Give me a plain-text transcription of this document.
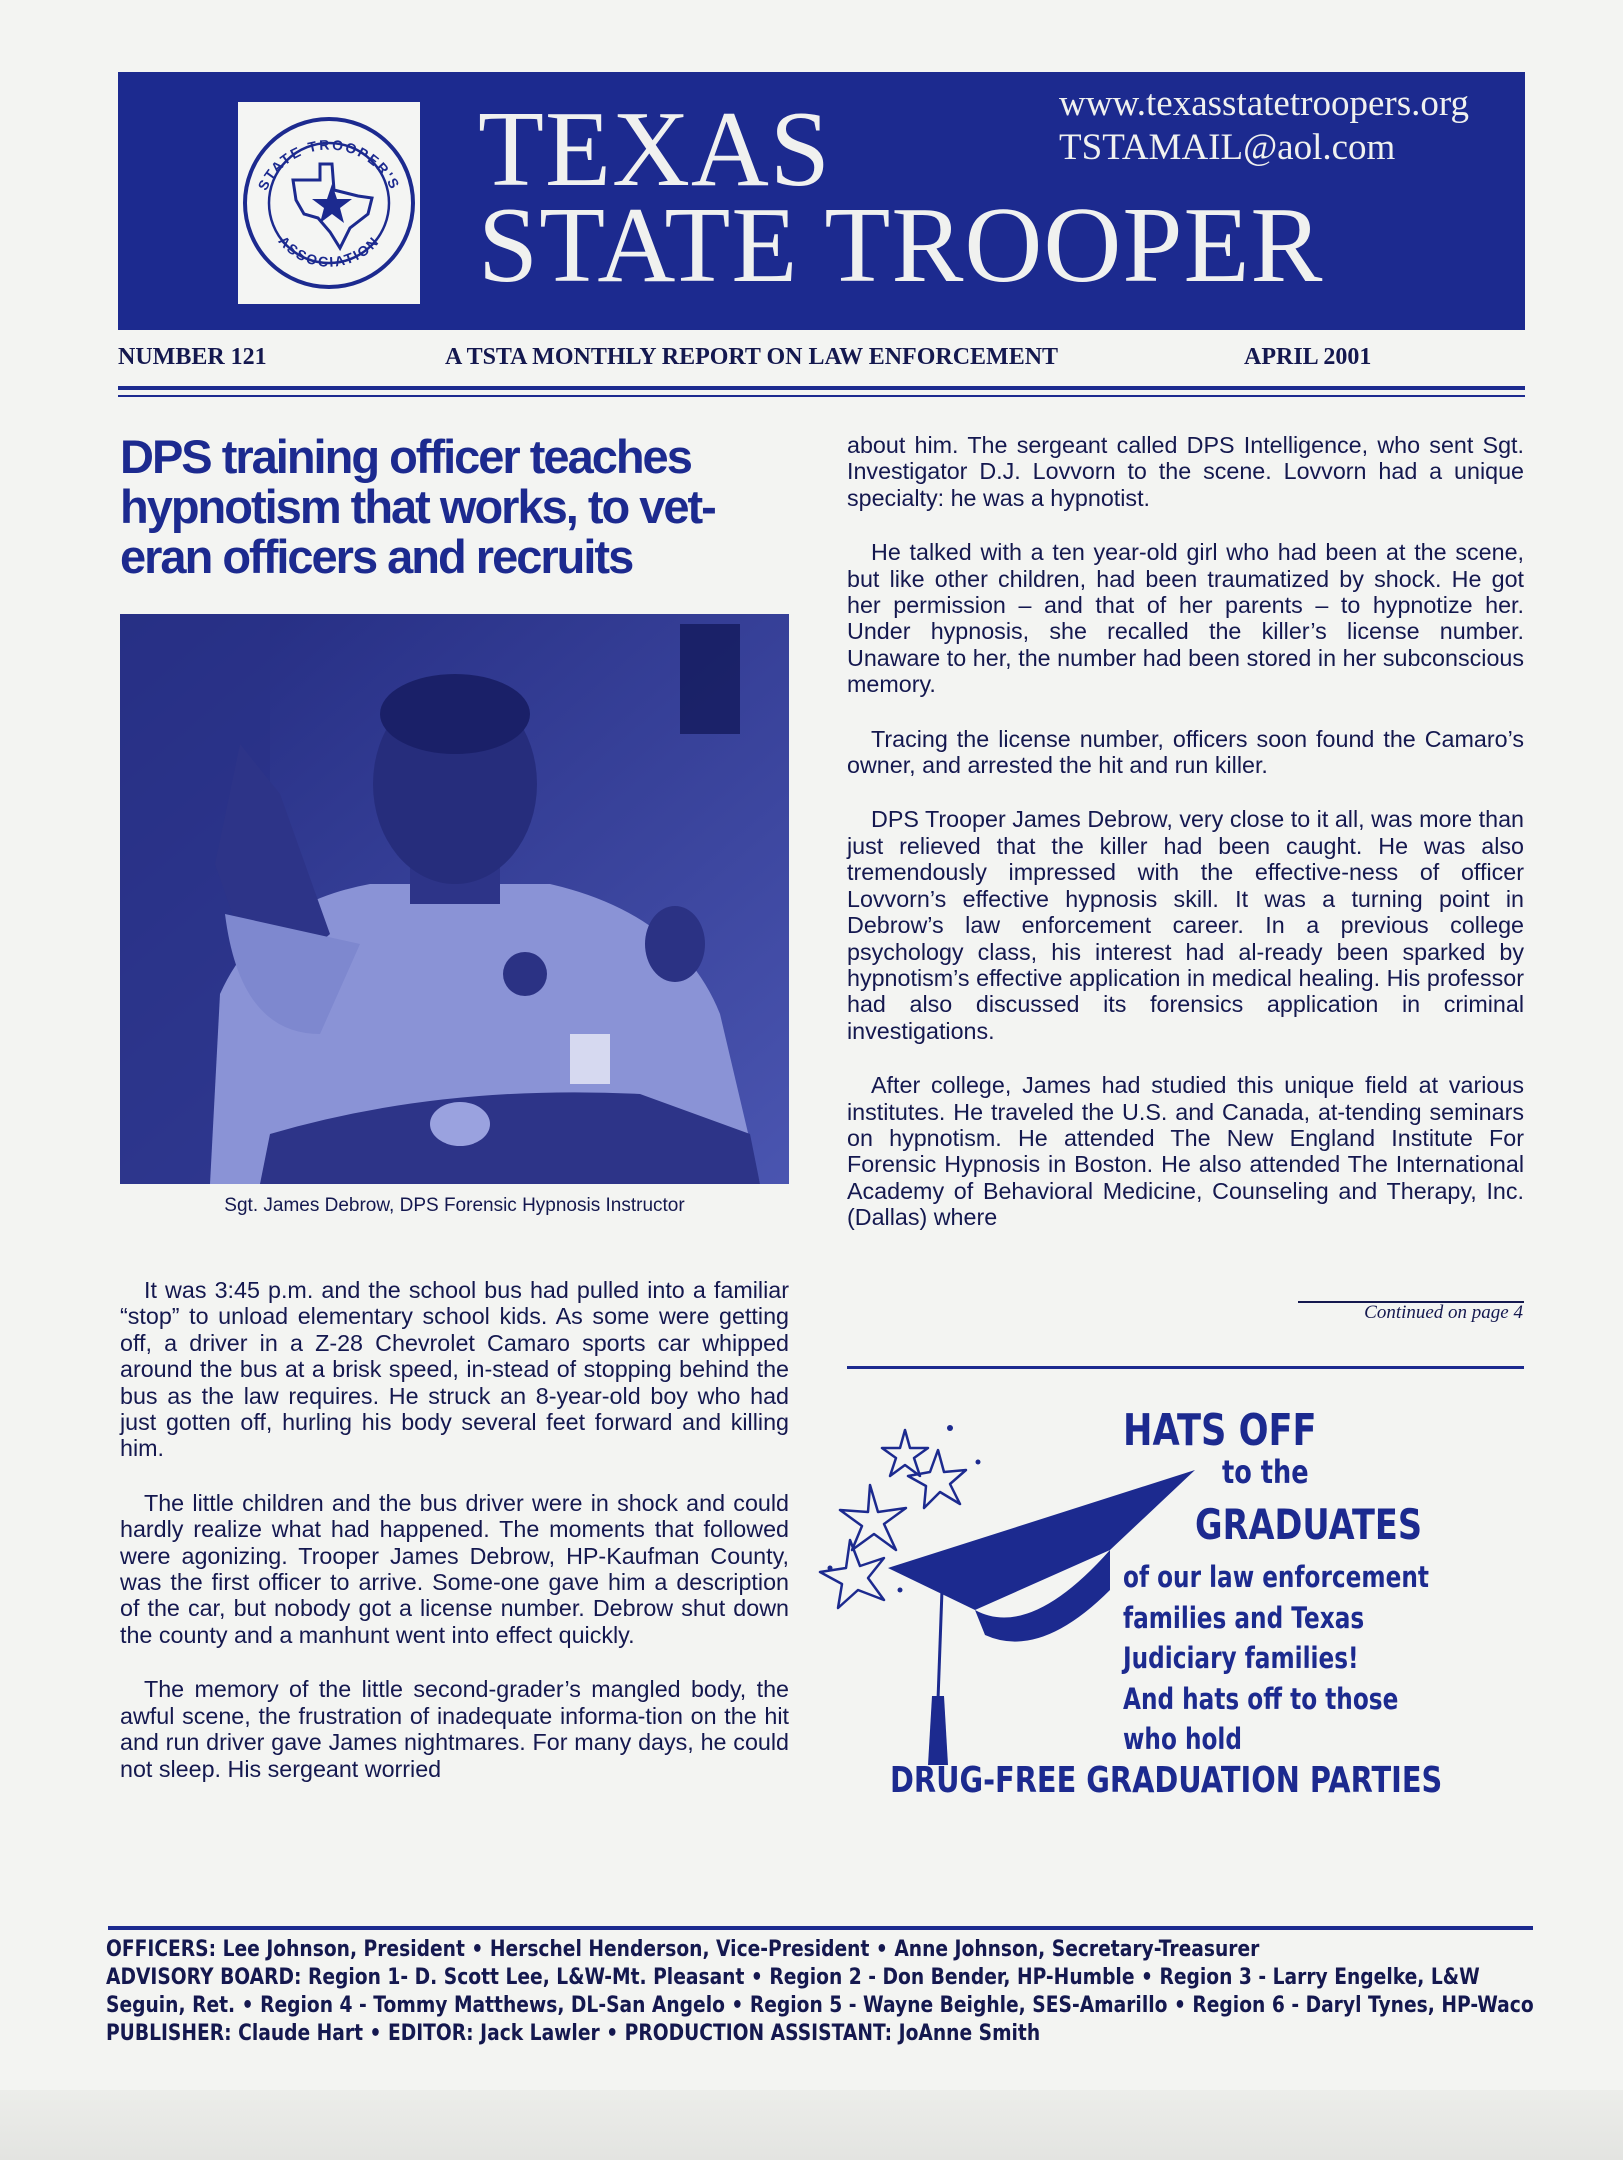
STATE TROOPER'S
ASSOCIATION
TEXAS
STATE TROOPER
www.texasstatetroopers.org
TSTAMAIL@aol.com
NUMBER 121	A TSTA MONTHLY REPORT ON LAW ENFORCEMENT	APRIL 2001
DPS training officer teaches hypnotism that works, to vet-eran officers and recruits
Sgt. James Debrow, DPS Forensic Hypnosis Instructor

It was 3:45 p.m. and the school bus had pulled into a familiar “stop” to unload elementary school kids. As some were getting off, a driver in a Z-28 Chevrolet Camaro sports car whipped around the bus at a brisk speed, in-stead of stopping behind the bus as the law requires. He struck an 8-year-old boy who had just gotten off, hurling his body several feet forward and killing him.

The little children and the bus driver were in shock and could hardly realize what had happened. The moments that followed were agonizing. Trooper James Debrow, HP-Kaufman County, was the first officer to arrive. Some-one gave him a description of the car, but nobody got a license number. Debrow shut down the county and a manhunt went into effect quickly.

The memory of the little second-grader’s mangled body, the awful scene, the frustration of inadequate informa-tion on the hit and run driver gave James nightmares. For many days, he could not sleep. His sergeant worried

about him. The sergeant called DPS Intelligence, who sent Sgt. Investigator D.J. Lovvorn to the scene. Lovvorn had a unique specialty: he was a hypnotist.

He talked with a ten year-old girl who had been at the scene, but like other children, had been traumatized by shock. He got her permission – and that of her parents – to hypnotize her. Under hypnosis, she recalled the killer’s license number. Unaware to her, the number had been stored in her subconscious memory.

Tracing the license number, officers soon found the Camaro’s owner, and arrested the hit and run killer.

DPS Trooper James Debrow, very close to it all, was more than just relieved that the killer had been caught. He was also tremendously impressed with the effective-ness of officer Lovvorn’s effective hypnosis skill. It was a turning point in Debrow’s law enforcement career. In a previous college psychology class, his interest had al-ready been sparked by hypnotism’s effective application in medical healing. His professor had also discussed its forensics application in criminal investigations.

After college, James had studied this unique field at various institutes. He traveled the U.S. and Canada, at-tending seminars on hypnotism. He attended The New England Institute For Forensic Hypnosis in Boston. He also attended The International Academy of Behavioral Medicine, Counseling and Therapy, Inc. (Dallas) where

Continued on page 4
HATS OFF
to the
GRADUATES
of our law enforcement
families and Texas
Judiciary families!
And hats off to those
who hold
DRUG-FREE GRADUATION PARTIES
OFFICERS: Lee Johnson, President • Herschel Henderson, Vice-President • Anne Johnson, Secretary-Treasurer
ADVISORY BOARD: Region 1- D. Scott Lee, L&W-Mt. Pleasant • Region 2 - Don Bender, HP-Humble • Region 3 - Larry Engelke, L&W
Seguin, Ret. • Region 4 - Tommy Matthews, DL-San Angelo • Region 5 - Wayne Beighle, SES-Amarillo • Region 6 - Daryl Tynes, HP-Waco
PUBLISHER: Claude Hart • EDITOR: Jack Lawler • PRODUCTION ASSISTANT: JoAnne Smith
